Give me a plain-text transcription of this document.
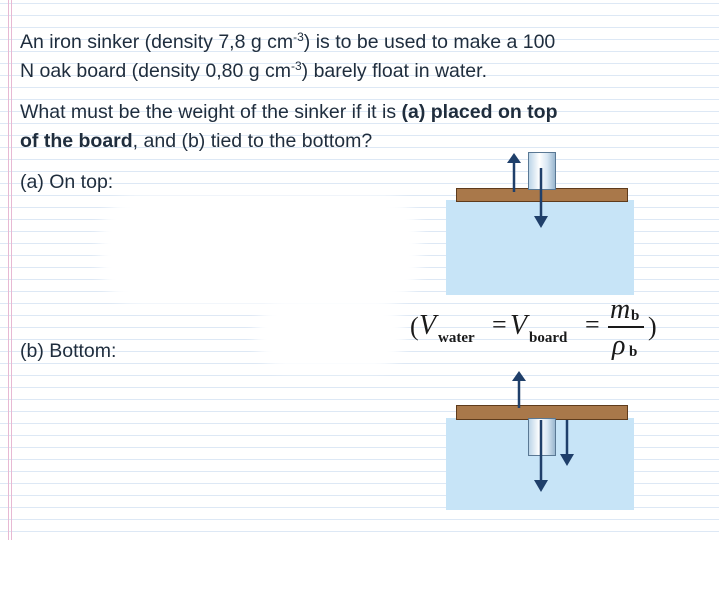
An iron sinker (density 7,8 g $cm^{-3}$) is to be used to make a 100
N oak board (density 0,80 g $cm^{-3}$) barely float in water.
What must be the weight of the sinker if it is (a) placed on top
of the board, and (b) tied to the bottom?
(a) On top:
(b) Bottom:
( V water = V board = m b
ρ b
)
